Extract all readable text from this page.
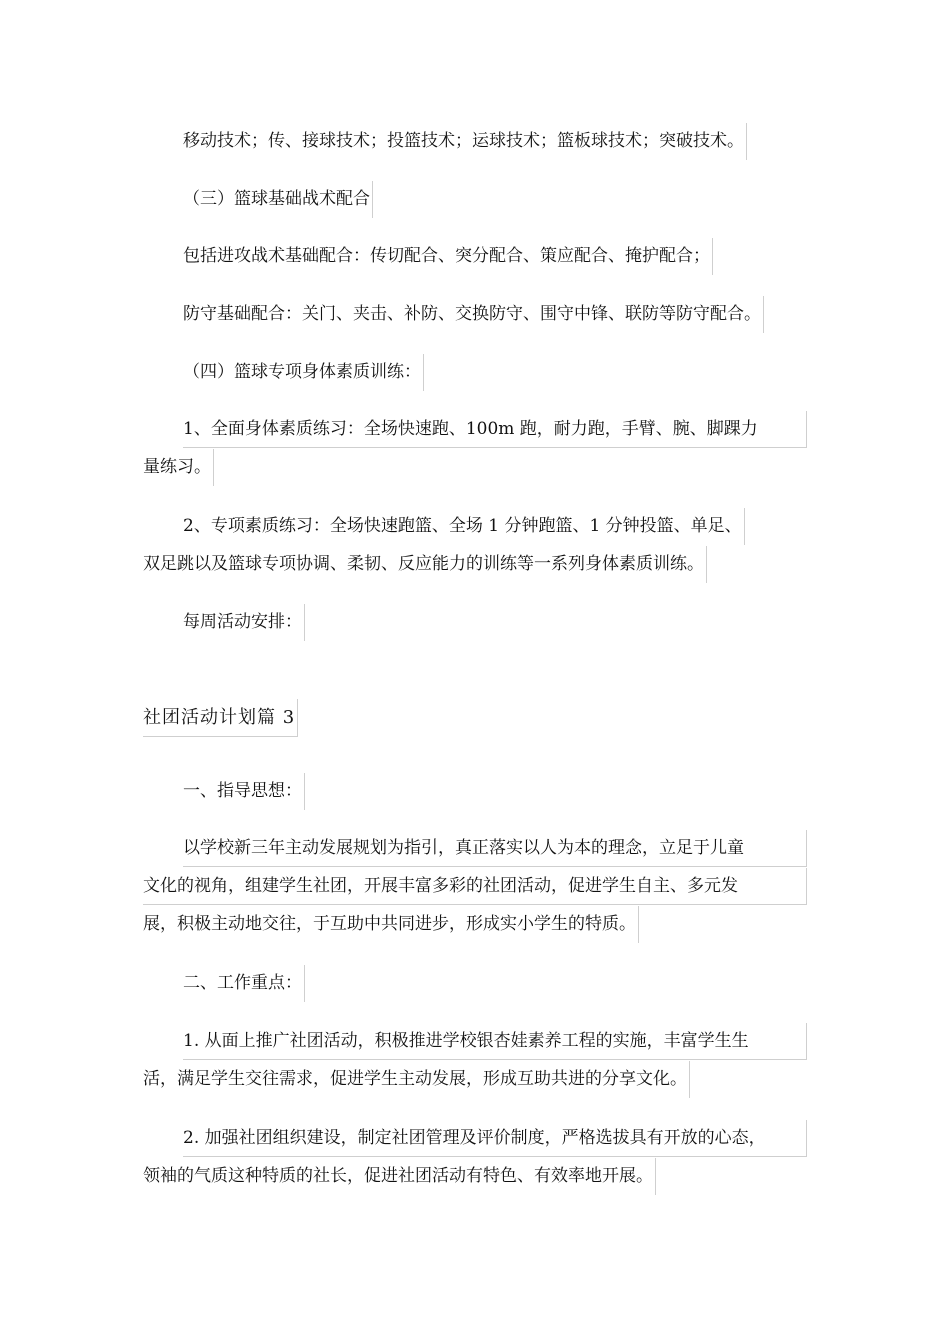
移动技术；传、接球技术；投篮技术；运球技术；篮板球技术；突破技术。
（三）篮球基础战术配合
包括进攻战术基础配合：传切配合、突分配合、策应配合、掩护配合；
防守基础配合：关门、夹击、补防、交换防守、围守中锋、联防等防守配合。
（四）篮球专项身体素质训练：
1、全面身体素质练习：全场快速跑、100m 跑，耐力跑，手臂、腕、脚踝力
量练习。
2、专项素质练习：全场快速跑篮、全场 1 分钟跑篮、1 分钟投篮、单足、
双足跳以及篮球专项协调、柔韧、反应能力的训练等一系列身体素质训练。
每周活动安排：
社团活动计划篇 3
一、指导思想：
以学校新三年主动发展规划为指引，真正落实以人为本的理念，立足于儿童
文化的视角，组建学生社团，开展丰富多彩的社团活动，促进学生自主、多元发
展，积极主动地交往，于互助中共同进步，形成实小学生的特质。
二、工作重点：
1. 从面上推广社团活动，积极推进学校银杏娃素养工程的实施，丰富学生生
活，满足学生交往需求，促进学生主动发展，形成互助共进的分享文化。
2. 加强社团组织建设，制定社团管理及评价制度，严格选拔具有开放的心态，
领袖的气质这种特质的社长，促进社团活动有特色、有效率地开展。
